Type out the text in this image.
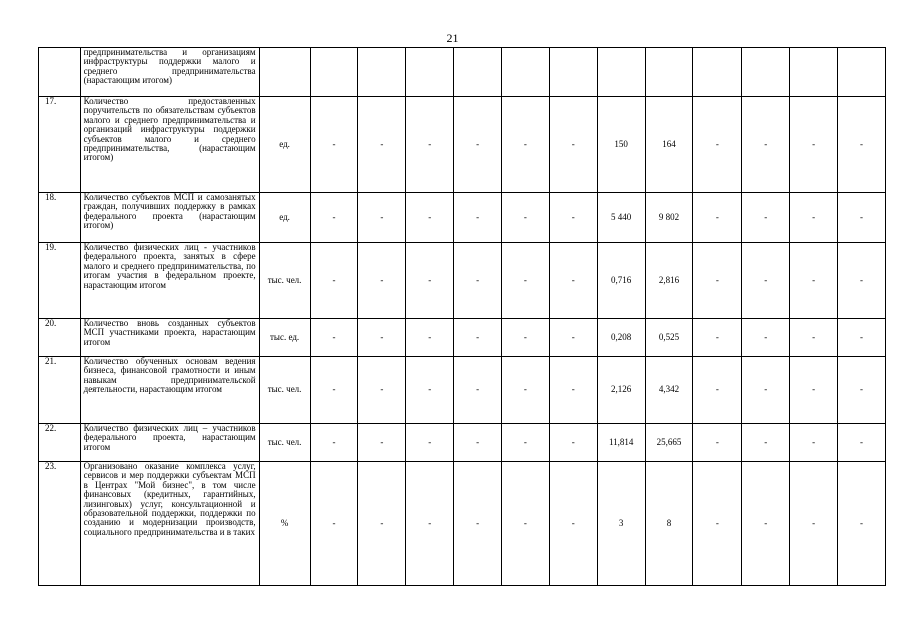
21
	предпринимательства и организациям инфраструктуры поддержки малого и среднего предпринимательства (нарастающим итогом)													
17.	Количество предоставленных поручительств по обязательствам субъектов малого и среднего предпринимательства и организаций инфраструктуры поддержки субъектов малого и среднего предпринимательства, (нарастающим итогом)	ед.	-	-	-	-	-	-	150	164	-	-	-	-
18.	Количество субъектов МСП и самозанятых граждан, получивших поддержку в рамках федерального проекта (нарастающим итогом)	ед.	-	-	-	-	-	-	5 440	9 802	-	-	-	-
19.	Количество физических лиц - участников федерального проекта, занятых в сфере малого и среднего предпринимательства, по итогам участия в федеральном проекте, нарастающим итогом	тыс. чел.	-	-	-	-	-	-	0,716	2,816	-	-	-	-
20.	Количество вновь созданных субъектов МСП участниками проекта, нарастающим итогом	тыс. ед.	-	-	-	-	-	-	0,208	0,525	-	-	-	-
21.	Количество обученных основам ведения бизнеса, финансовой грамотности и иным навыкам предпринимательской деятельности, нарастающим итогом	тыс. чел.	-	-	-	-	-	-	2,126	4,342	-	-	-	-
22.	Количество физических лиц – участников федерального проекта, нарастающим итогом	тыс. чел.	-	-	-	-	-	-	11,814	25,665	-	-	-	-
23.	Организовано оказание комплекса услуг, сервисов и мер поддержки субъектам МСП в Центрах "Мой бизнес", в том числе финансовых (кредитных, гарантийных, лизинговых) услуг, консультационной и образовательной поддержки, поддержки по созданию и модернизации производств, социального предпринимательства и в таких	%	-	-	-	-	-	-	3	8	-	-	-	-
